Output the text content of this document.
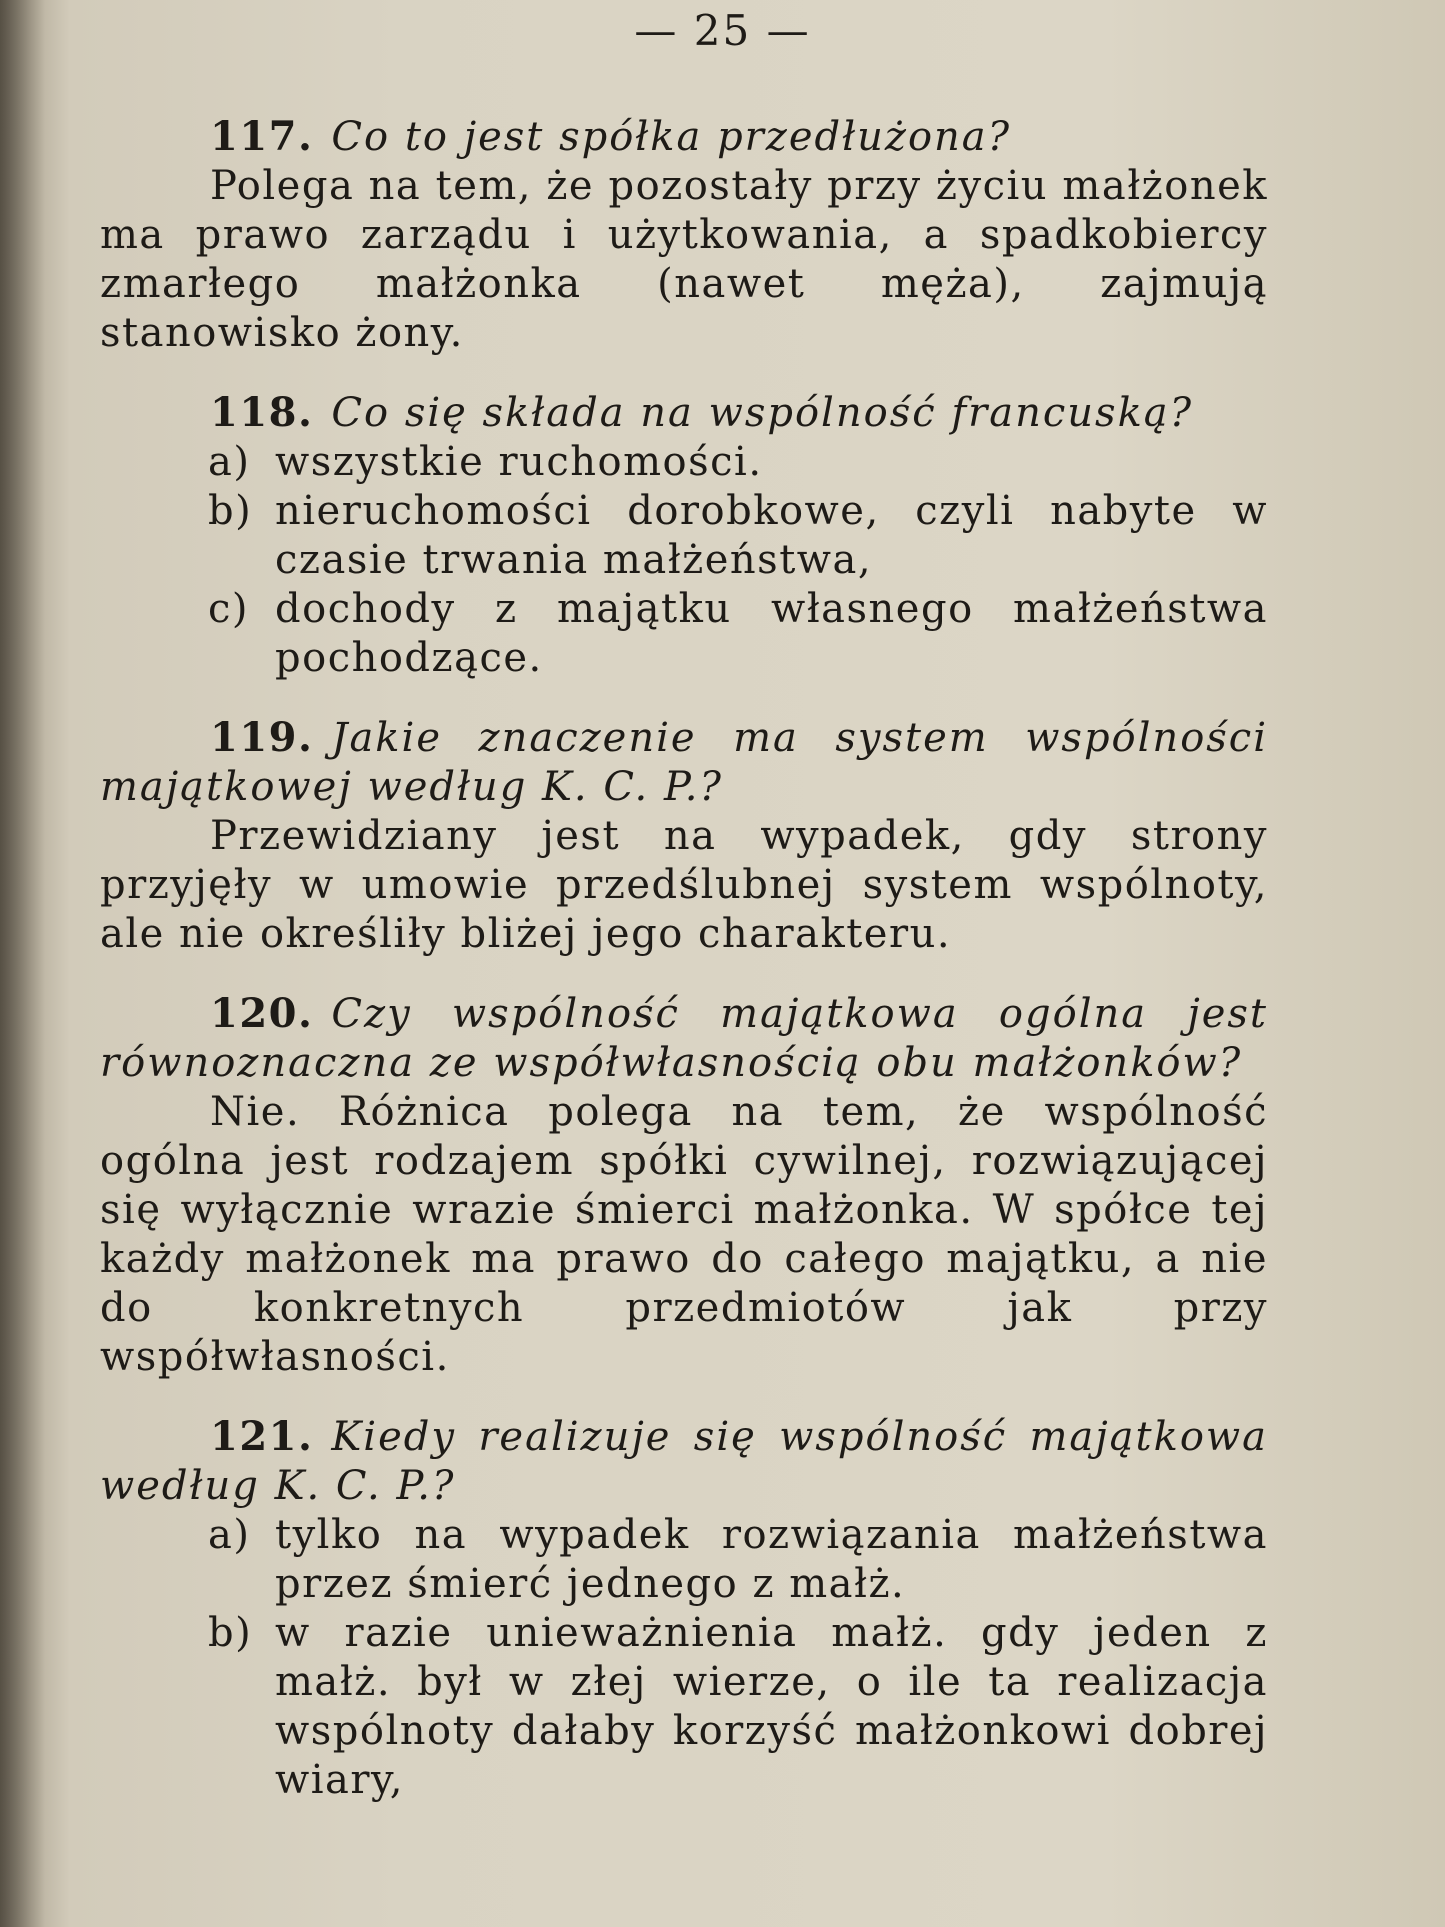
— 25 —
117. Co to jest spółka przedłużona?

Polega na tem, że pozostały przy życiu małżonek ma prawo zarządu i użytkowania, a spadkobiercy zmarłego małżonka (nawet męża), zajmują stanowisko żony.

118. Co się składa na wspólność francuską?
a) wszystkie ruchomości.
b) nieruchomości dorobkowe, czyli nabyte w czasie trwania małżeństwa,
c) dochody z majątku własnego małżeństwa pochodzące.
119. Jakie znaczenie ma system wspólności majątkowej według K. C. P.?

Przewidziany jest na wypadek, gdy strony przyjęły w umowie przedślubnej system wspólnoty, ale nie określiły bliżej jego charakteru.

120. Czy wspólność majątkowa ogólna jest równoznaczna ze współwłasnością obu małżonków?

Nie. Różnica polega na tem, że wspólność ogólna jest rodzajem spółki cywilnej, rozwiązującej się wyłącznie wrazie śmierci małżonka. W spółce tej każdy małżonek ma prawo do całego majątku, a nie do konkretnych przedmiotów jak przy współwłasności.

121. Kiedy realizuje się wspólność majątkowa według K. C. P.?
a) tylko na wypadek rozwiązania małżeństwa przez śmierć jednego z małż.
b) w razie unieważnienia małż. gdy jeden z małż. był w złej wierze, o ile ta realizacja wspólnoty dałaby korzyść małżonkowi dobrej wiary,
